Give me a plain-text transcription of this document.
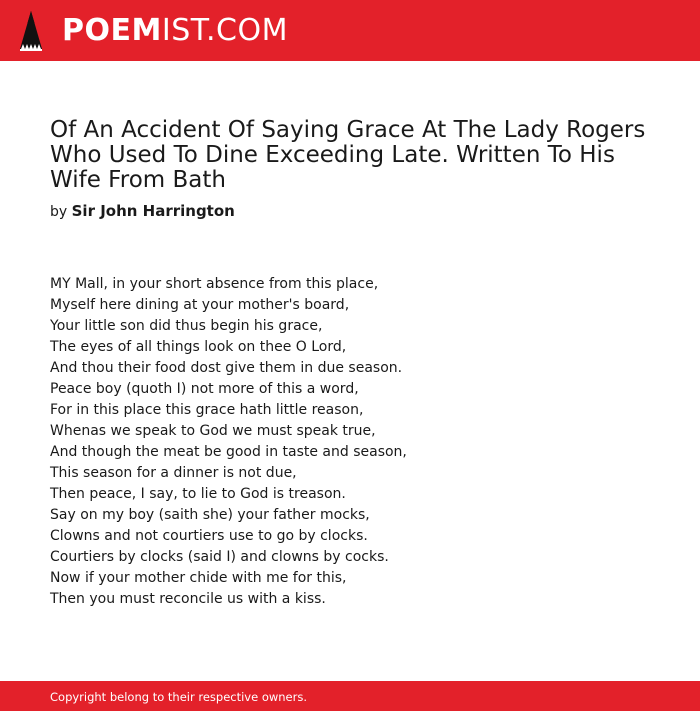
POEMIST.COM
Of An Accident Of Saying Grace At The Lady Rogers Who Used To Dine Exceeding Late. Written To His Wife From Bath
by Sir John Harrington
MY Mall, in your short absence from this place,
Myself here dining at your mother's board,
Your little son did thus begin his grace,
The eyes of all things look on thee O Lord,
And thou their food dost give them in due season.
Peace boy (quoth I) not more of this a word,
For in this place this grace hath little reason,
Whenas we speak to God we must speak true,
And though the meat be good in taste and season,
This season for a dinner is not due,
Then peace, I say, to lie to God is treason.
Say on my boy (saith she) your father mocks,
Clowns and not courtiers use to go by clocks.
Courtiers by clocks (said I) and clowns by cocks.
Now if your mother chide with me for this,
Then you must reconcile us with a kiss.
Copyright belong to their respective owners.
